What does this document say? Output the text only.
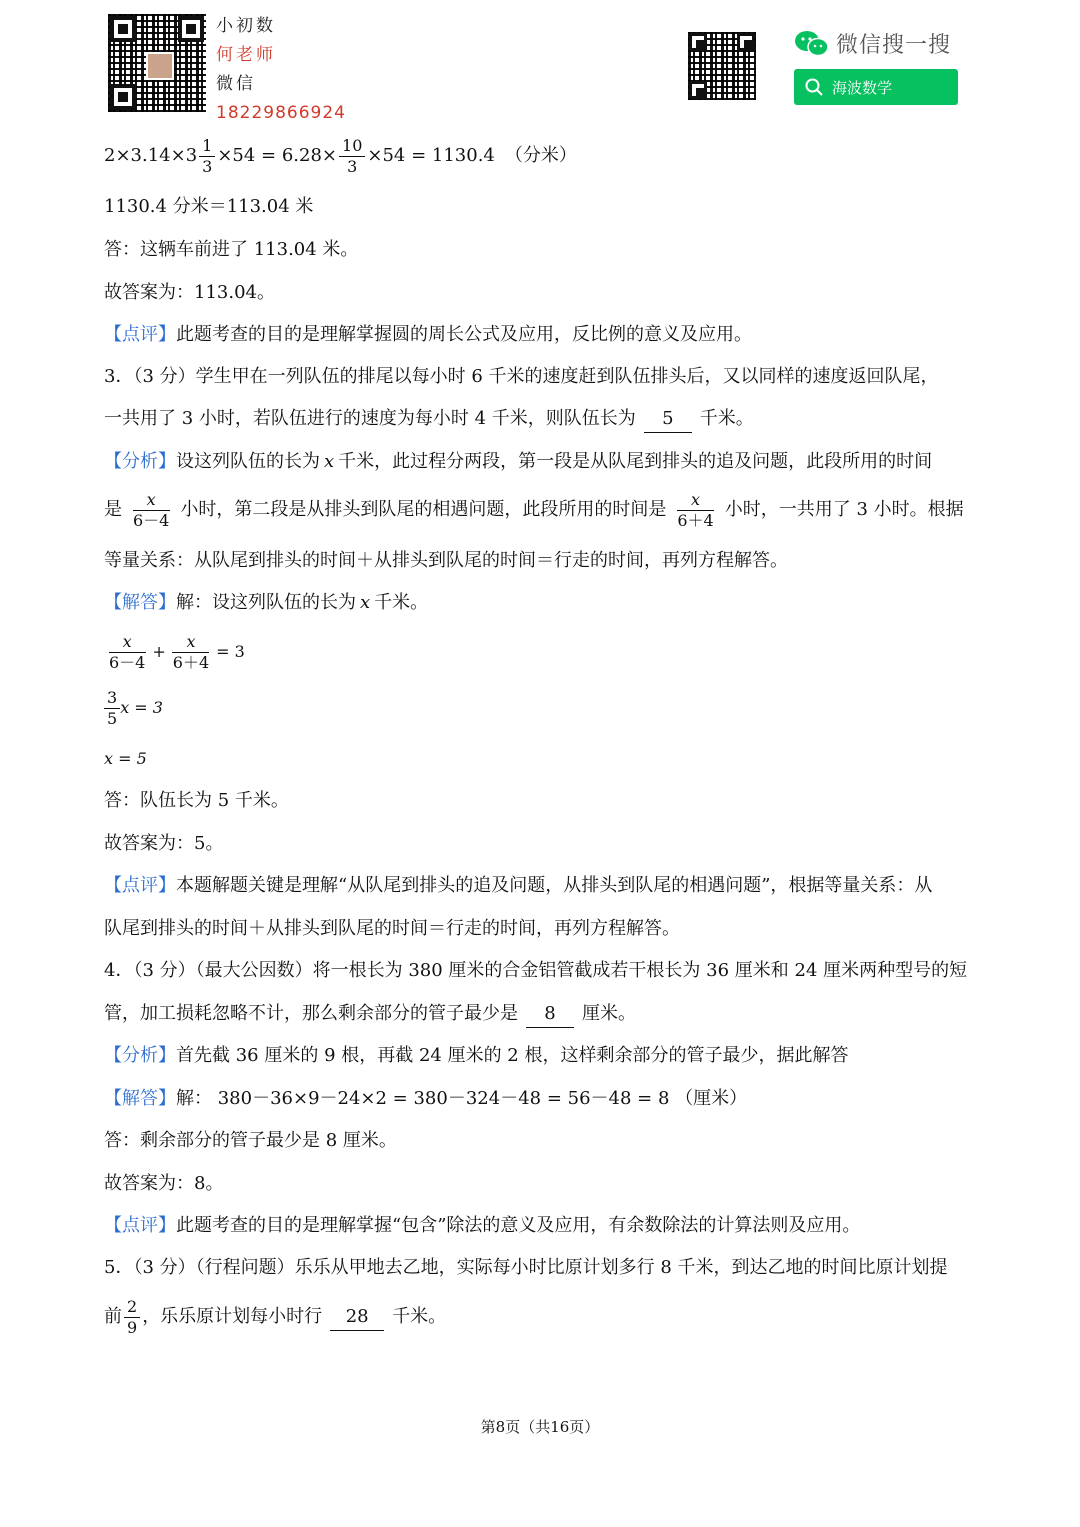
小初数
何老师
微信
18229866924
微信搜一搜
海波数学
$2\times 3.14\times 3 \frac{1}{3} \times 54 = 6.28\times \frac{10}{3} \times 54 = 1130.4$ （分米）
1130.4 分米＝113.04 米
答：这辆车前进了 113.04 米。
故答案为：113.04。
【点评】此题考查的目的是理解掌握圆的周长公式及应用，反比例的意义及应用。
3．（3 分）学生甲在一列队伍的排尾以每小时 6 千米的速度赶到队伍排头后，又以同样的速度返回队尾，
一共用了 3 小时，若队伍进行的速度为每小时 4 千米，则队伍长为 5 千米。
【分析】设这列队伍的长为 x 千米，此过程分两段，第一段是从队尾到排头的追及问题，此段所用的时间
是 $\frac{x}{6-4}$ 小时，第二段是从排头到队尾的相遇问题，此段所用的时间是 $\frac{x}{6+4}$ 小时，一共用了 3 小时。根据
等量关系：从队尾到排头的时间＋从排头到队尾的时间＝行走的时间，再列方程解答。
【解答】解：设这列队伍的长为 x 千米。
$\frac{x}{6-4} + \frac{x}{6+4} = 3$
$\frac{3}{5}$ x = 3
x = 5
答：队伍长为 5 千米。
故答案为：5。
【点评】本题解题关键是理解“从队尾到排头的追及问题，从排头到队尾的相遇问题”，根据等量关系：从
队尾到排头的时间＋从排头到队尾的时间＝行走的时间，再列方程解答。
4．（3 分）（最大公因数）将一根长为 380 厘米的合金铝管截成若干根长为 36 厘米和 24 厘米两种型号的短
管，加工损耗忽略不计，那么剩余部分的管子最少是 8 厘米。
【分析】首先截 36 厘米的 9 根，再截 24 厘米的 2 根，这样剩余部分的管子最少，据此解答
【解答】解： 380－36×9－24×2 = 380－324－48 = 56－48 = 8 （厘米）
答：剩余部分的管子最少是 8 厘米。
故答案为：8。
【点评】此题考查的目的是理解掌握“包含”除法的意义及应用，有余数除法的计算法则及应用。
5．（3 分）（行程问题）乐乐从甲地去乙地，实际每小时比原计划多行 8 千米，到达乙地的时间比原计划提
前 $\frac{2}{9}$ ，乐乐原计划每小时行 28 千米。
第8页（共16页）
